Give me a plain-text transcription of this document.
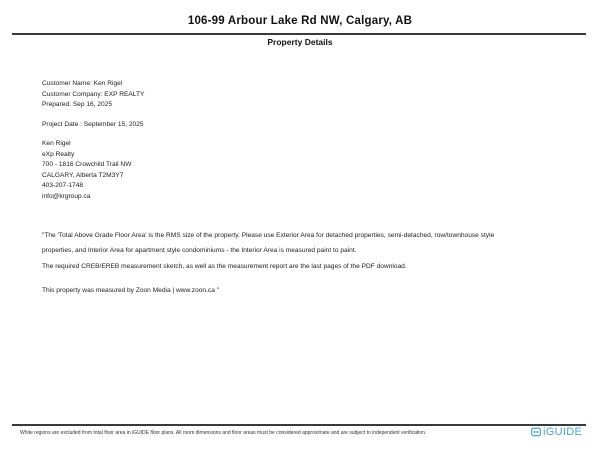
106-99 Arbour Lake Rd NW, Calgary, AB
Property Details
Customer Name: Ken Rigel
Customer Company: EXP REALTY
Prepared: Sep 16, 2025
Project Date : September 15, 2025
Ken Rigel
eXp Realty
700 - 1816 Crowchild Trail NW
CALGARY, Alberta T2M3Y7
403-207-1748
info@krgroup.ca
"The 'Total Above Grade Floor Area' is the RMS size of the property. Please use Exterior Area for detached properties, semi-detached, row/townhouse style
properties, and Interior Area for apartment style condominiums - the Interior Area is measured paint to paint.
The required CREB/EREB measurement sketch, as well as the measurement report are the last pages of the PDF download.
This property was measured by Zoon Media | www.zoon.ca "
White regions are excluded from total floor area in iGUIDE floor plans. All room dimensions and floor areas must be considered approximate and are subject to independent verification.	iGUIDE
